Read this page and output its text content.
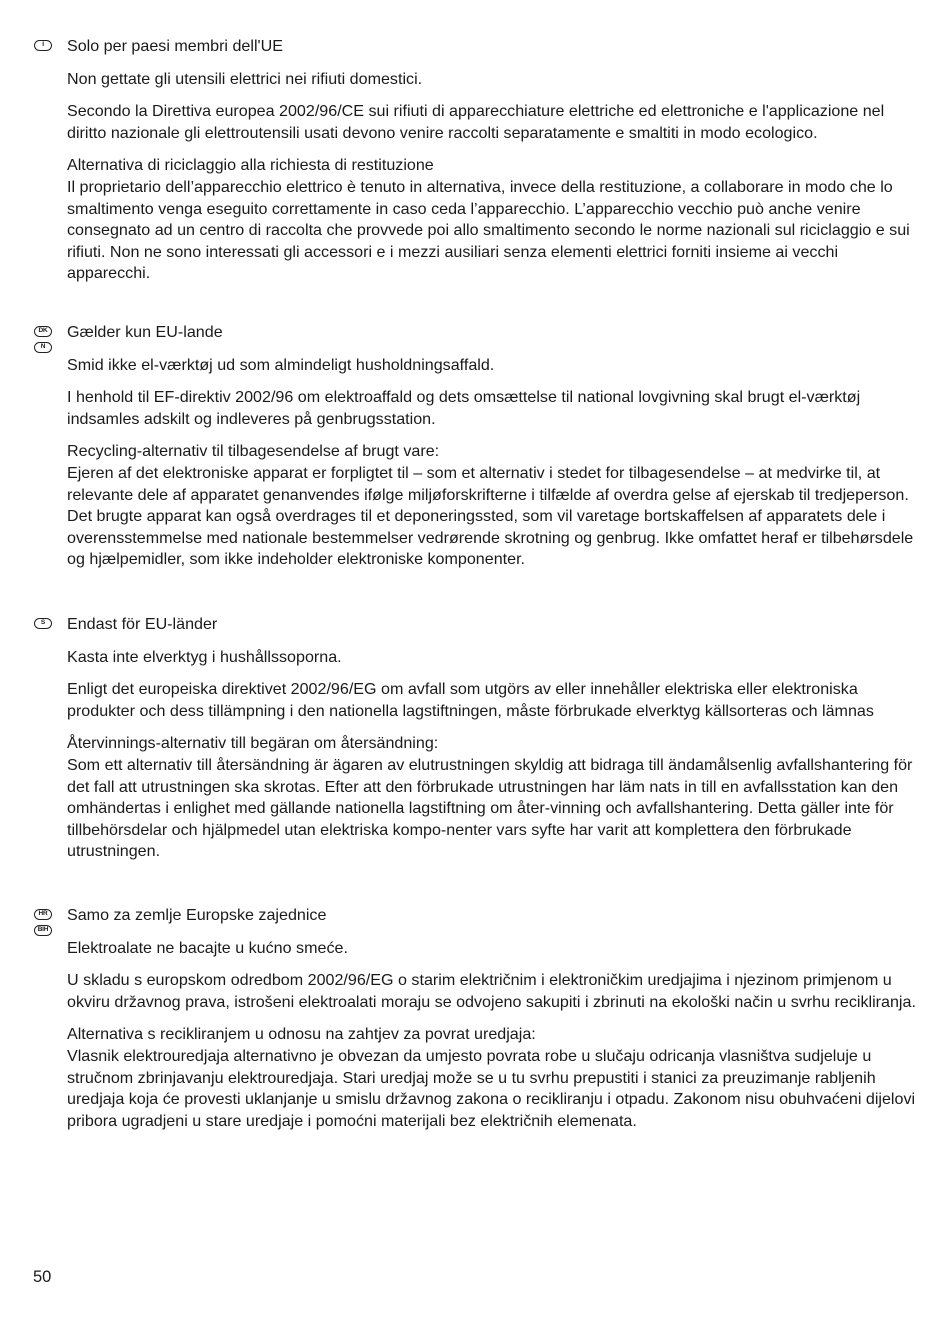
I	Solo per paesi membri dell'UE

Non gettate gli utensili elettrici nei rifiuti domestici.

Secondo la Direttiva europea 2002/96/CE sui rifiuti di apparecchiature elettriche ed elettroniche e l'applicazione nel diritto nazionale gli elettroutensili usati devono venire raccolti separatamente e smaltiti in modo ecologico.

Alternativa di riciclaggio alla richiesta di restituzione
Il proprietario dell’apparecchio elettrico è tenuto in alternativa, invece della restituzione, a collaborare in modo che lo smaltimento venga eseguito correttamente in caso ceda l’apparecchio. L’apparecchio vecchio può anche venire consegnato ad un centro di raccolta che provvede poi allo smaltimento secondo le norme nazionali sul riciclaggio e sui rifiuti. Non ne sono interessati gli accessori e i mezzi ausiliari senza elementi elettrici forniti insieme ai vecchi apparecchi.

DK
N

Gælder kun EU-lande

Smid ikke el-værktøj ud som almindeligt husholdningsaffald.

I henhold til EF-direktiv 2002/96 om elektroaffald og dets omsættelse til national lovgivning skal brugt el-værktøj indsamles adskilt og indleveres på genbrugsstation.

Recycling-alternativ til tilbagesendelse af brugt vare:
Ejeren af det elektroniske apparat er forpligtet til – som et alternativ i stedet for tilbagesendelse – at medvirke til, at relevante dele af apparatet genanvendes ifølge miljøforskrifterne i tilfælde af overdra gelse af ejerskab til tredjeperson. Det brugte apparat kan også overdrages til et deponeringssted, som vil varetage bortskaffelsen af apparatets dele i overensstemmelse med nationale bestemmelser vedrørende skrotning og genbrug. Ikke omfattet heraf er tilbehørsdele og hjælpemidler, som ikke indeholder elektroniske komponenter.

S	Endast för EU-länder

Kasta inte elverktyg i hushållssoporna.

Enligt det europeiska direktivet 2002/96/EG om avfall som utgörs av eller innehåller elektriska eller elektroniska produkter och dess tillämpning i den nationella lagstiftningen, måste förbrukade elverktyg källsorteras och lämnas

Återvinnings-alternativ till begäran om återsändning:
Som ett alternativ till återsändning är ägaren av elutrustningen skyldig att bidraga till ändamålsenlig avfallshantering för det fall att utrustningen ska skrotas. Efter att den förbrukade utrustningen har läm nats in till en avfallsstation kan den omhändertas i enlighet med gällande nationella lagstiftning om åter-vinning och avfallshantering. Detta gäller inte för tillbehörsdelar och hjälpmedel utan elektriska kompo-nenter vars syfte har varit att komplettera den förbrukade utrustningen.

HR
BIH

Samo za zemlje Europske zajednice

Elektroalate ne bacajte u kućno smeće.

U skladu s europskom odredbom 2002/96/EG o starim električnim i elektroničkim uredjajima i njezinom primjenom u okviru državnog prava, istrošeni elektroalati moraju se odvojeno sakupiti i zbrinuti na ekološki način u svrhu recikliranja.

Alternativa s recikliranjem u odnosu na zahtjev za povrat uredjaja:
Vlasnik elektrouredjaja alternativno je obvezan da umjesto povrata robe u slučaju odricanja vlasništva sudjeluje u stručnom zbrinjavanju elektrouredjaja. Stari uredjaj može se u tu svrhu prepustiti i stanici za preuzimanje rabljenih uredjaja koja će provesti uklanjanje u smislu državnog zakona o recikliranju i otpadu. Zakonom nisu obuhvaćeni dijelovi pribora ugradjeni u stare uredjaje i pomoćni materijali bez električnih elemenata.

50
